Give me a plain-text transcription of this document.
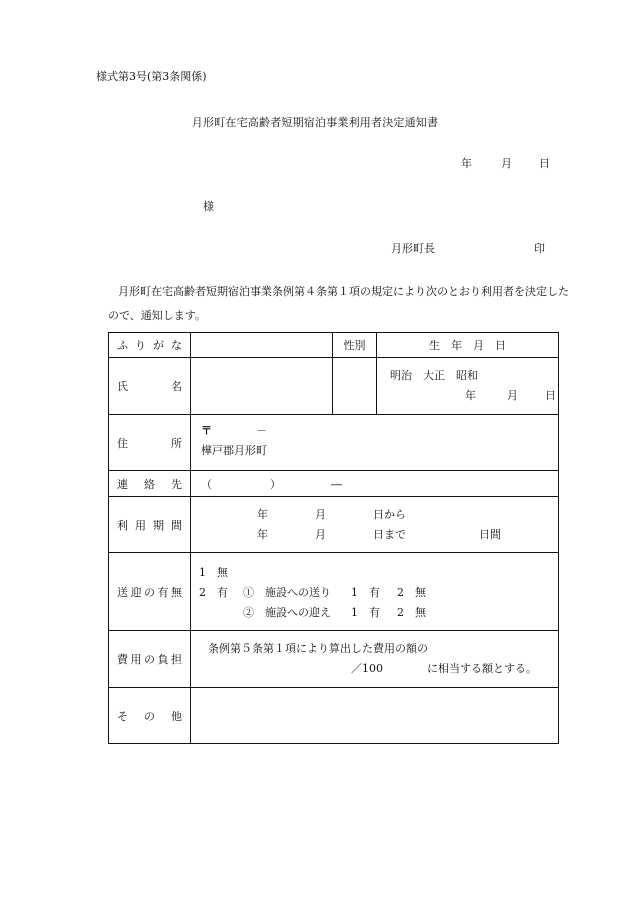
様式第3号(第3条関係)
月形町在宅高齢者短期宿泊事業利用者決定通知書
年	月 日
様
月形町長	印
月形町在宅高齢者短期宿泊事業条例第４条第１項の規定により次のとおり利用者を決定したので、通知します。
ふりがな		性別	生　年　月　日
氏名			明治　大正　昭和
年 月 日

住所	〒 －
樺戸郡月形町		

連絡先	（ ） ―		
利用期間	年 月 日から
年 月 日まで 日間		

送迎の有無	1　無
2　有 ①　施設への送り 1　有 2　無
②　施設への迎え 1　有 2　無		

費用の負担	条例第５条第１項により算出した費用の額の
／100 に相当する額とする。		

その他			
